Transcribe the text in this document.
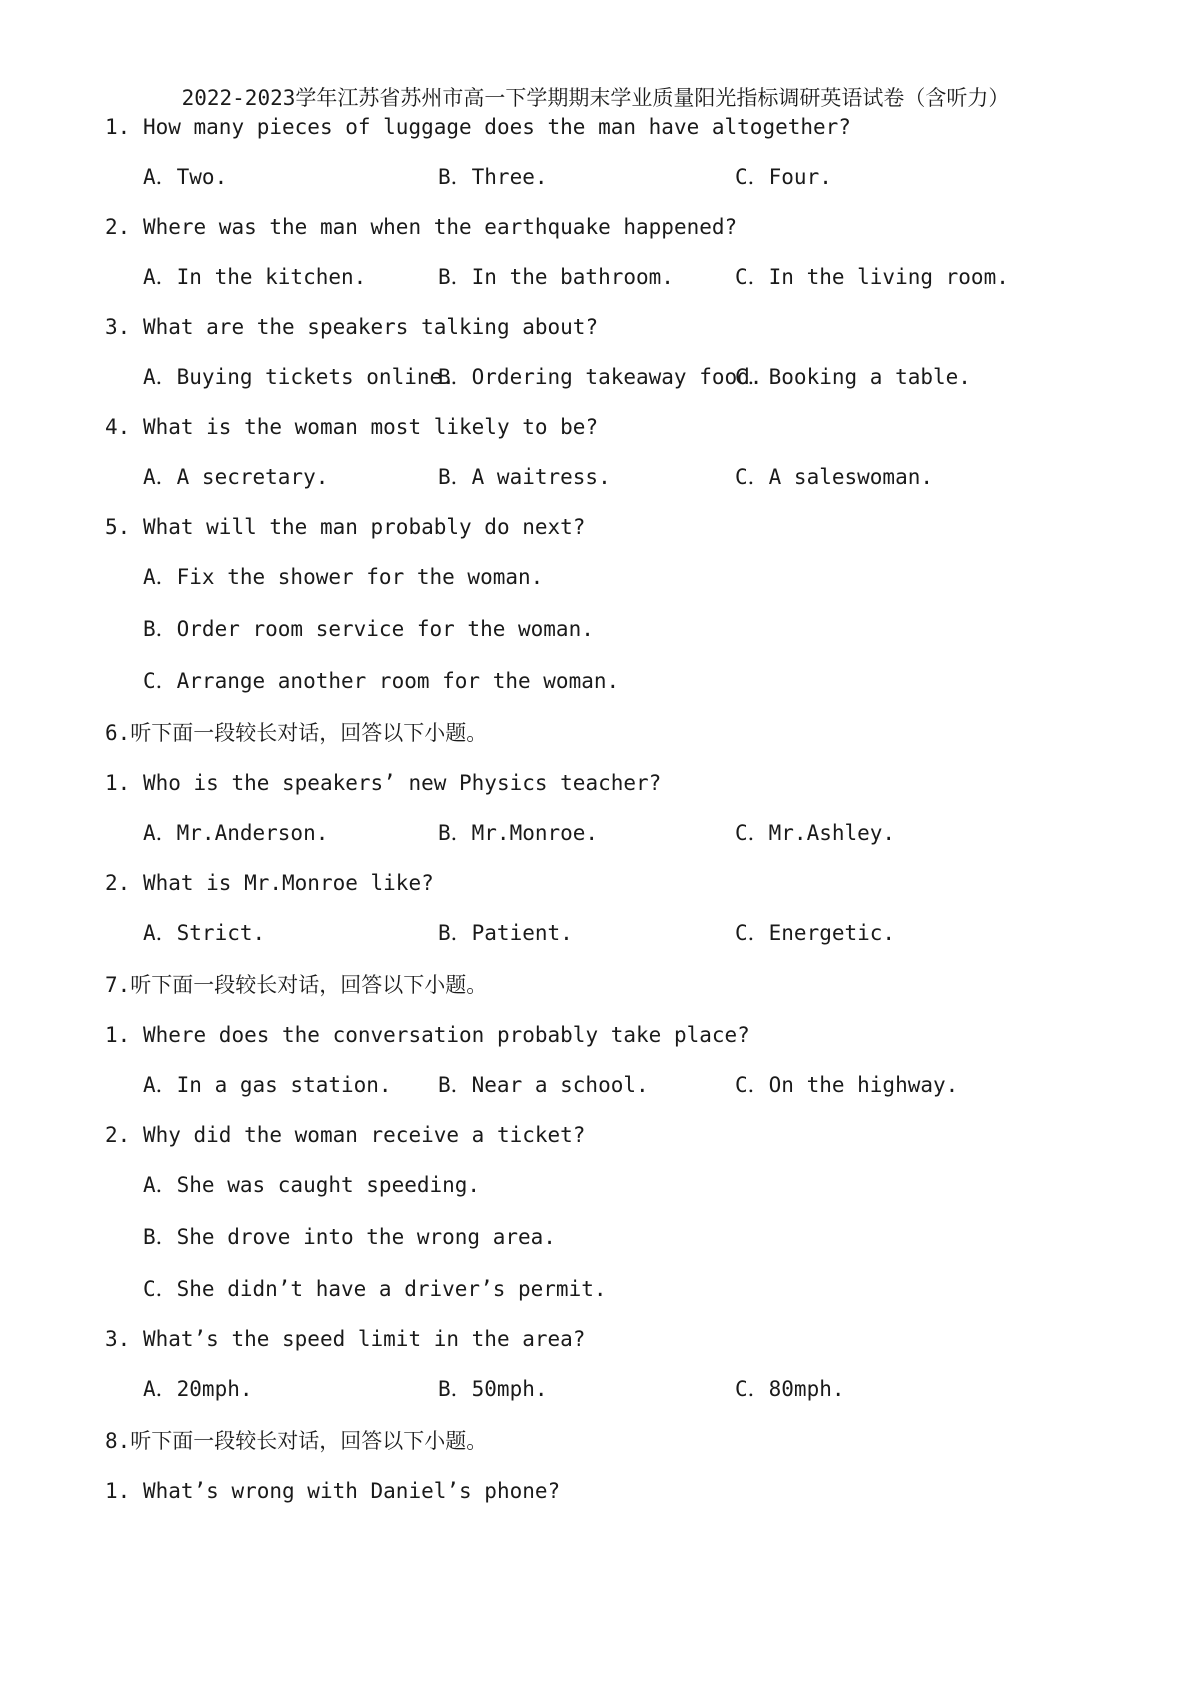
2022-2023学年江苏省苏州市高一下学期期末学业质量阳光指标调研英语试卷（含听力）
1. How many pieces of luggage does the man have altogether?
A．Two.	B．Three.	C．Four.
2. Where was the man when the earthquake happened?
A．In the kitchen.	B．In the bathroom.	C．In the living room.
3. What are the speakers talking about?
A．Buying tickets online.
B．Ordering takeaway food.
C．Booking a table.
4. What is the woman most likely to be?
A．A secretary.	B．A waitress.	C．A saleswoman.
5. What will the man probably do next?
A．Fix the shower for the woman.
B．Order room service for the woman.
C．Arrange another room for the woman.
6.听下面一段较长对话，回答以下小题。
1. Who is the speakers’ new Physics teacher?
A．Mr.Anderson.	B．Mr.Monroe.	C．Mr.Ashley.
2. What is Mr.Monroe like?
A．Strict.	B．Patient.	C．Energetic.
7.听下面一段较长对话，回答以下小题。
1. Where does the conversation probably take place?
A．In a gas station. B．Near a school.	C．On the highway.
2. Why did the woman receive a ticket?
A．She was caught speeding.
B．She drove into the wrong area.
C．She didn’t have a driver’s permit.
3. What’s the speed limit in the area?
A．20mph.	B．50mph.	C．80mph.
8.听下面一段较长对话，回答以下小题。
1. What’s wrong with Daniel’s phone?
